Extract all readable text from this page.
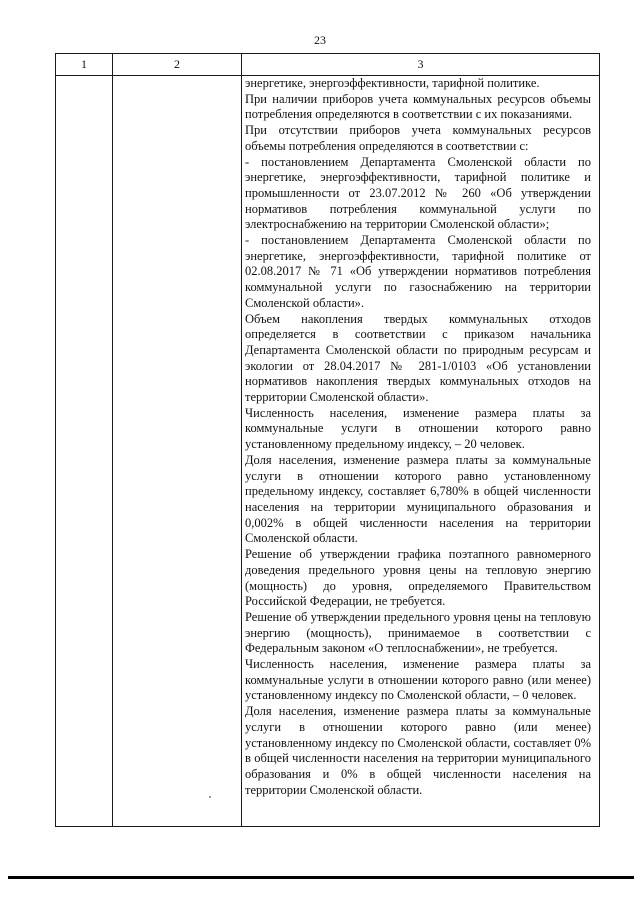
23
1	2	3

энергетике, энергоэффективности, тарифной политике.

При наличии приборов учета коммунальных ресурсов объемы потребления определяются в соответствии с их показаниями.

При отсутствии приборов учета коммунальных ресурсов объемы потребления определяются в соответствии с:

- постановлением Департамента Смоленской области по энергетике, энергоэффективности, тарифной политике и промышленности от 23.07.2012 № 260 «Об утверждении нормативов потребления коммунальной услуги по электроснабжению на территории Смоленской области»;

- постановлением Департамента Смоленской области по энергетике, энергоэффективности, тарифной политике от 02.08.2017 № 71 «Об утверждении нормативов потребления коммунальной услуги по газоснабжению на территории Смоленской области».

Объем накопления твердых коммунальных отходов определяется в соответствии с приказом начальника Департамента Смоленской области по природным ресурсам и экологии от 28.04.2017 № 281-1/0103 «Об установлении нормативов накопления твердых коммунальных отходов на территории Смоленской области».

Численность населения, изменение размера платы за коммунальные услуги в отношении которого равно установленному предельному индексу, – 20 человек.

Доля населения, изменение размера платы за коммунальные услуги в отношении которого равно установленному предельному индексу, составляет 6,780% в общей численности населения на территории муниципального образования и 0,002% в общей численности населения на территории Смоленской области.

Решение об утверждении графика поэтапного равномерного доведения предельного уровня цены на тепловую энергию (мощность) до уровня, определяемого Правительством Российской Федерации, не требуется.

Решение об утверждении предельного уровня цены на тепловую энергию (мощность), принимаемое в соответствии с Федеральным законом «О теплоснабжении», не требуется.

Численность населения, изменение размера платы за коммунальные услуги в отношении которого равно (или менее) установленному индексу по Смоленской области, – 0 человек.

Доля населения, изменение размера платы за коммунальные услуги в отношении которого равно (или менее) установленному индексу по Смоленской области, составляет 0% в общей численности населения на территории муниципального образования и 0% в общей численности населения на территории Смоленской области.
